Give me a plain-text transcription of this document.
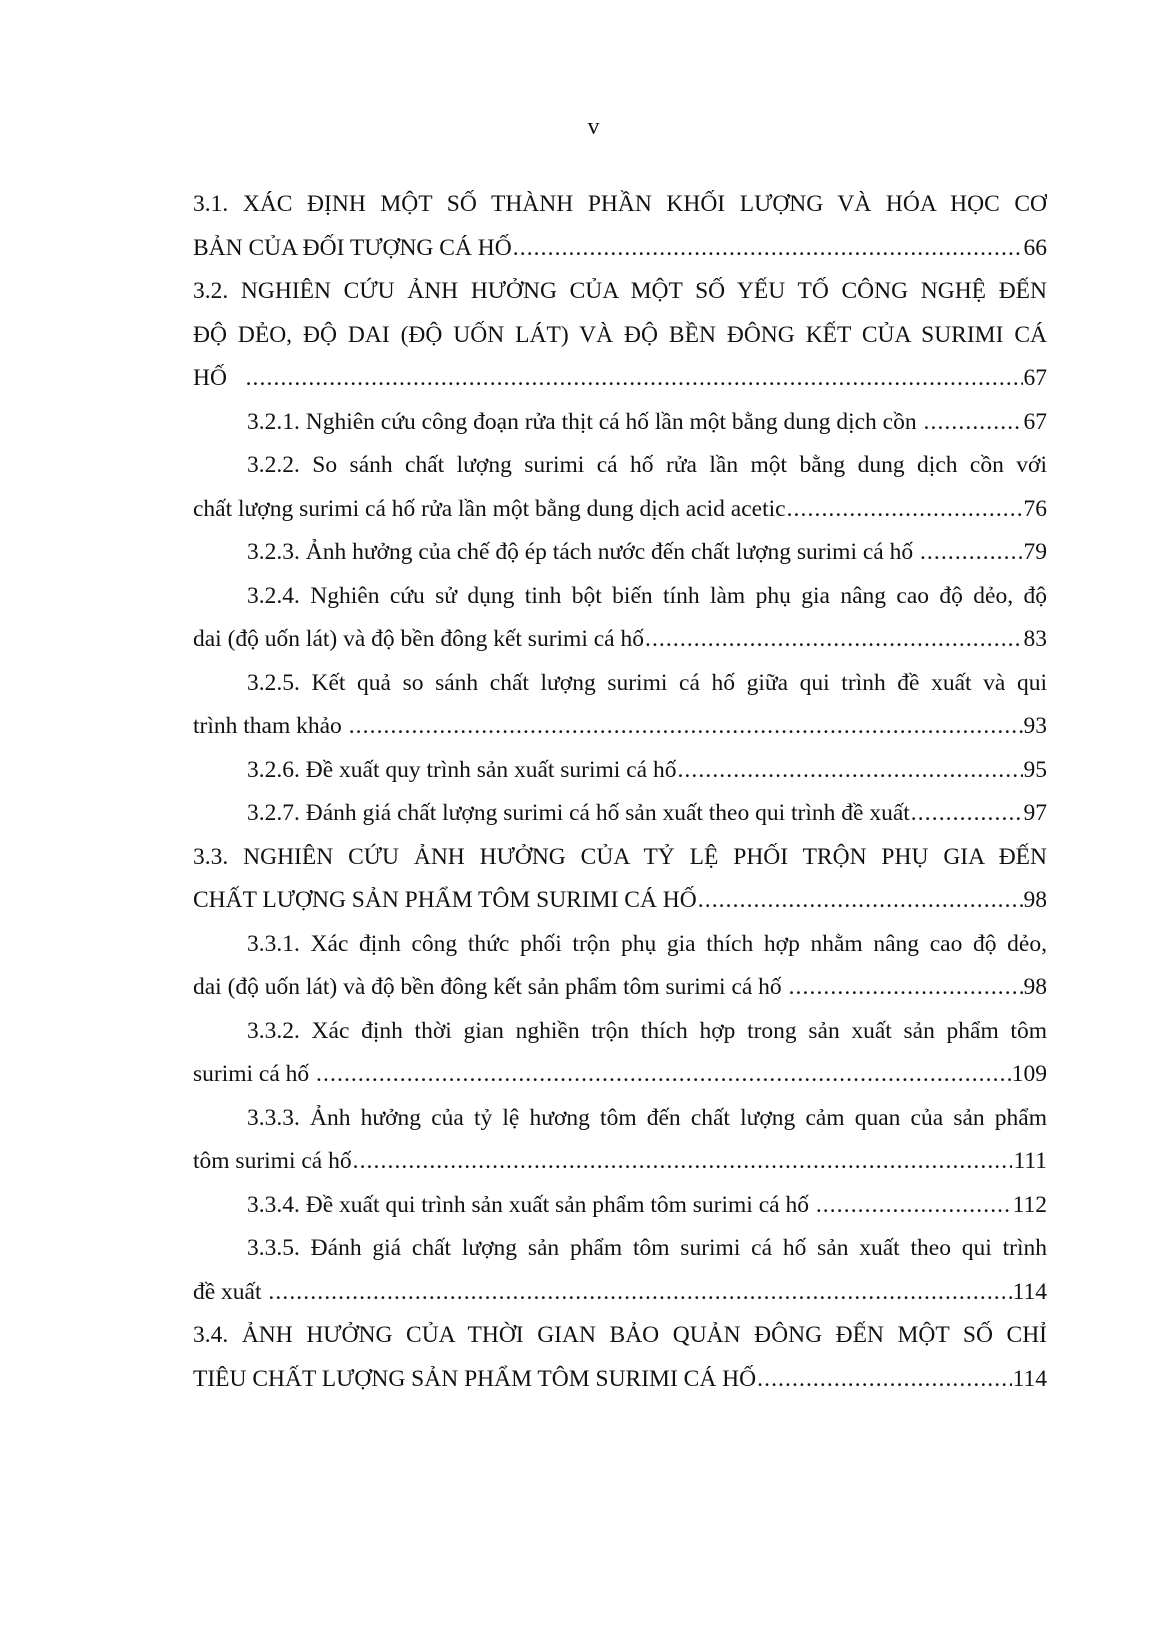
v
3.1. XÁC ĐỊNH MỘT SỐ THÀNH PHẦN KHỐI LƯỢNG VÀ HÓA HỌC CƠ
BẢN CỦA ĐỐI TƯỢNG CÁ HỐ .....	66
3.2. NGHIÊN CỨU ẢNH HƯỞNG CỦA MỘT SỐ YẾU TỐ CÔNG NGHỆ ĐẾN
ĐỘ DẺO, ĐỘ DAI (ĐỘ UỐN LÁT) VÀ ĐỘ BỀN ĐÔNG KẾT CỦA SURIMI CÁ
HỐ .....	67
3.2.1. Nghiên cứu công đoạn rửa thịt cá hố lần một bằng dung dịch cồn .....	67
3.2.2. So sánh chất lượng surimi cá hố rửa lần một bằng dung dịch cồn với
chất lượng surimi cá hố rửa lần một bằng dung dịch acid acetic .....	76
3.2.3. Ảnh hưởng của chế độ ép tách nước đến chất lượng surimi cá hố .....	79
3.2.4. Nghiên cứu sử dụng tinh bột biến tính làm phụ gia nâng cao độ dẻo, độ
dai (độ uốn lát) và độ bền đông kết surimi cá hố .....	83
3.2.5. Kết quả so sánh chất lượng surimi cá hố giữa qui trình đề xuất và qui
trình tham khảo .....	93
3.2.6. Đề xuất quy trình sản xuất surimi cá hố .....	95
3.2.7. Đánh giá chất lượng surimi cá hố sản xuất theo qui trình đề xuất .....	97
3.3. NGHIÊN CỨU ẢNH HƯỞNG CỦA TỶ LỆ PHỐI TRỘN PHỤ GIA ĐẾN
CHẤT LƯỢNG SẢN PHẨM TÔM SURIMI CÁ HỐ .....	98
3.3.1. Xác định công thức phối trộn phụ gia thích hợp nhằm nâng cao độ dẻo,
dai (độ uốn lát) và độ bền đông kết sản phẩm tôm surimi cá hố .....	98
3.3.2. Xác định thời gian nghiền trộn thích hợp trong sản xuất sản phẩm tôm
surimi cá hố .....	109
3.3.3. Ảnh hưởng của tỷ lệ hương tôm đến chất lượng cảm quan của sản phẩm
tôm surimi cá hố .....	111
3.3.4. Đề xuất qui trình sản xuất sản phẩm tôm surimi cá hố .....	112
3.3.5. Đánh giá chất lượng sản phẩm tôm surimi cá hố sản xuất theo qui trình
đề xuất .....	114
3.4. ẢNH HƯỞNG CỦA THỜI GIAN BẢO QUẢN ĐÔNG ĐẾN MỘT SỐ CHỈ
TIÊU CHẤT LƯỢNG SẢN PHẨM TÔM SURIMI CÁ HỐ .....	114
